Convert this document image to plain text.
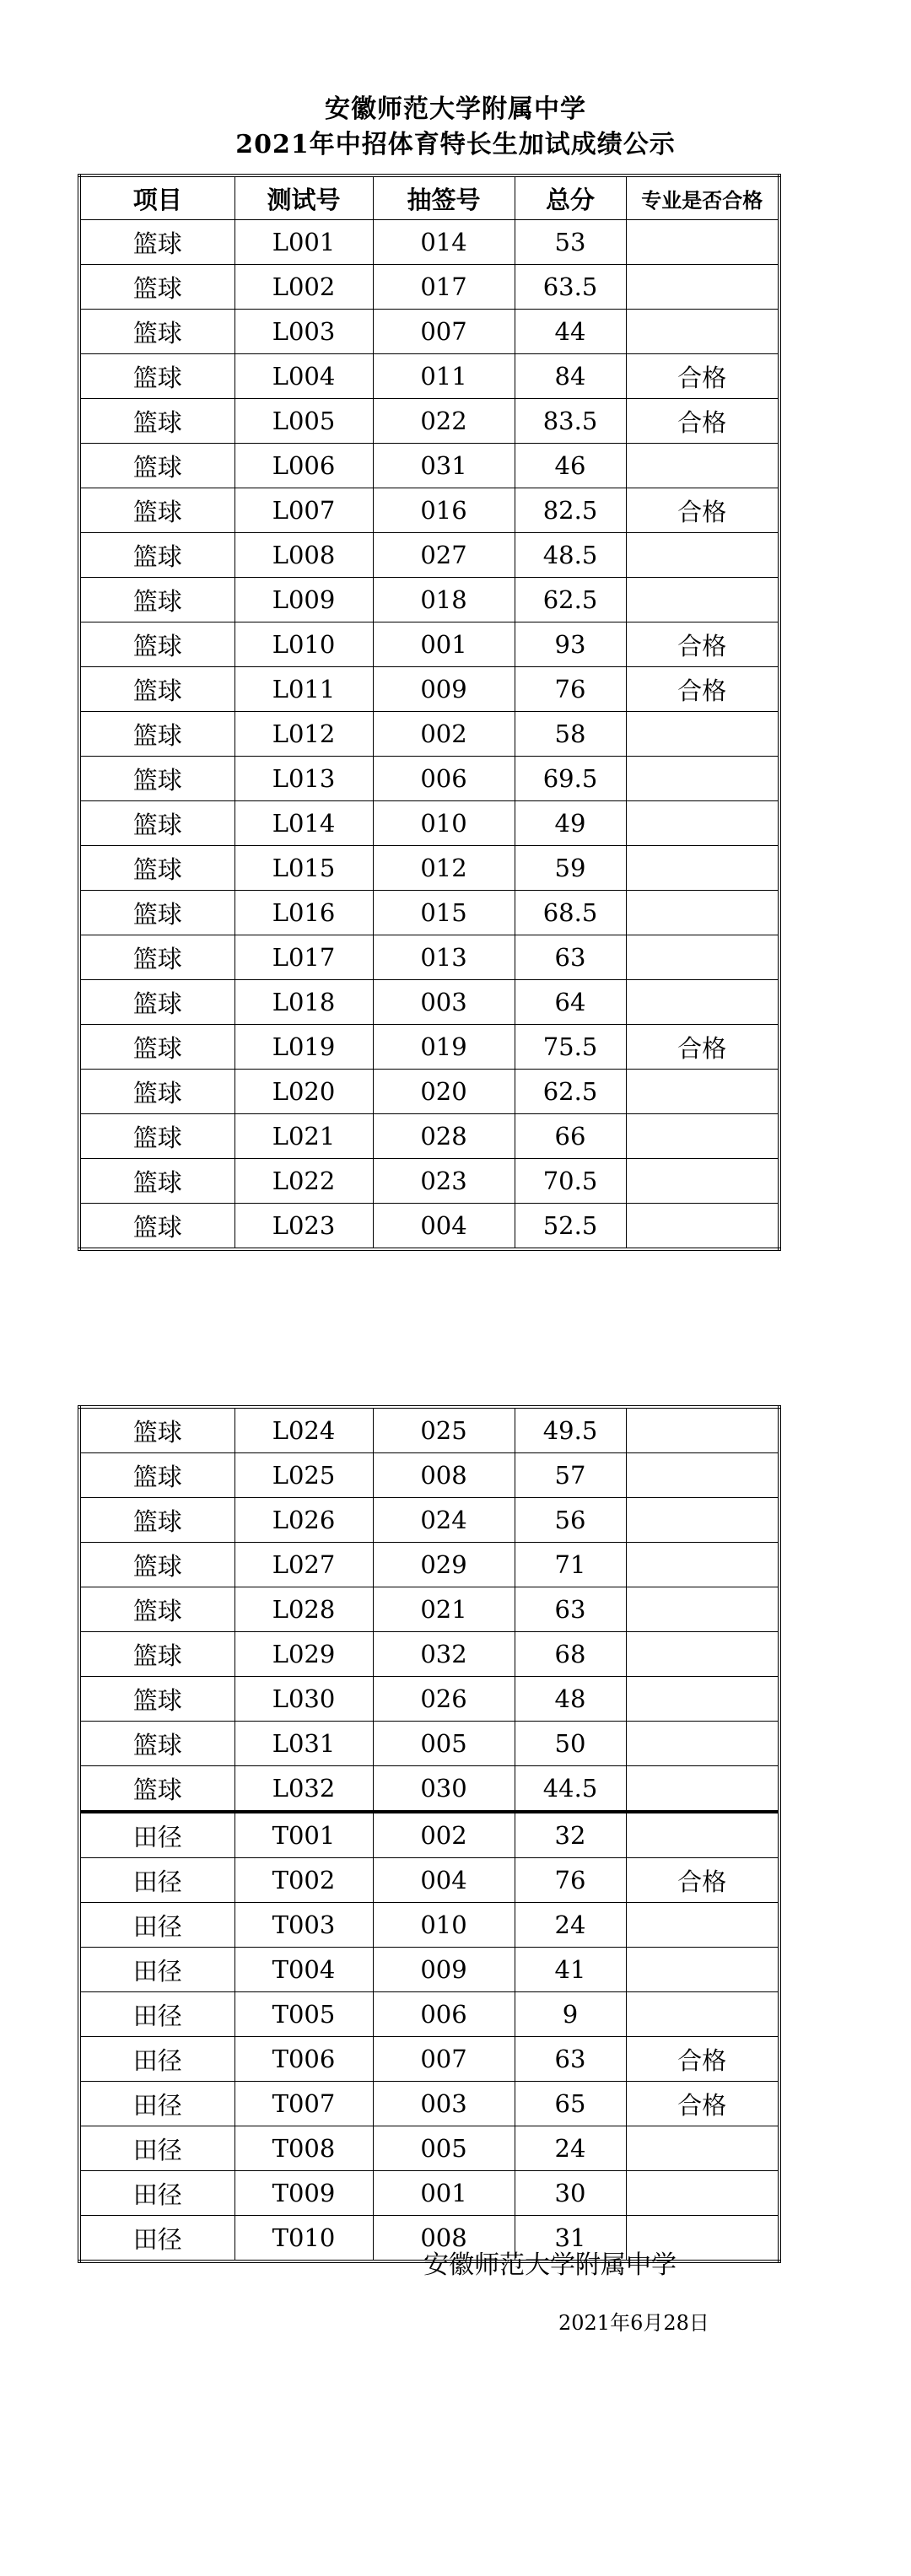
安徽师范大学附属中学
2021年中招体育特长生加试成绩公示
项目	测试号	抽签号	总分	专业是否合格
篮球	L001	014	53	
篮球	L002	017	63.5	
篮球	L003	007	44	
篮球	L004	011	84	合格
篮球	L005	022	83.5	合格
篮球	L006	031	46	
篮球	L007	016	82.5	合格
篮球	L008	027	48.5	
篮球	L009	018	62.5	
篮球	L010	001	93	合格
篮球	L011	009	76	合格
篮球	L012	002	58	
篮球	L013	006	69.5	
篮球	L014	010	49	
篮球	L015	012	59	
篮球	L016	015	68.5	
篮球	L017	013	63	
篮球	L018	003	64	
篮球	L019	019	75.5	合格
篮球	L020	020	62.5	
篮球	L021	028	66	
篮球	L022	023	70.5	
篮球	L023	004	52.5	
篮球	L024	025	49.5	
篮球	L025	008	57	
篮球	L026	024	56	
篮球	L027	029	71	
篮球	L028	021	63	
篮球	L029	032	68	
篮球	L030	026	48	
篮球	L031	005	50	
篮球	L032	030	44.5	
田径	T001	002	32	
田径	T002	004	76	合格
田径	T003	010	24	
田径	T004	009	41	
田径	T005	006	9	
田径	T006	007	63	合格
田径	T007	003	65	合格
田径	T008	005	24	
田径	T009	001	30	
田径	T010	008	31	
安徽师范大学附属中学
2021年6月28日
